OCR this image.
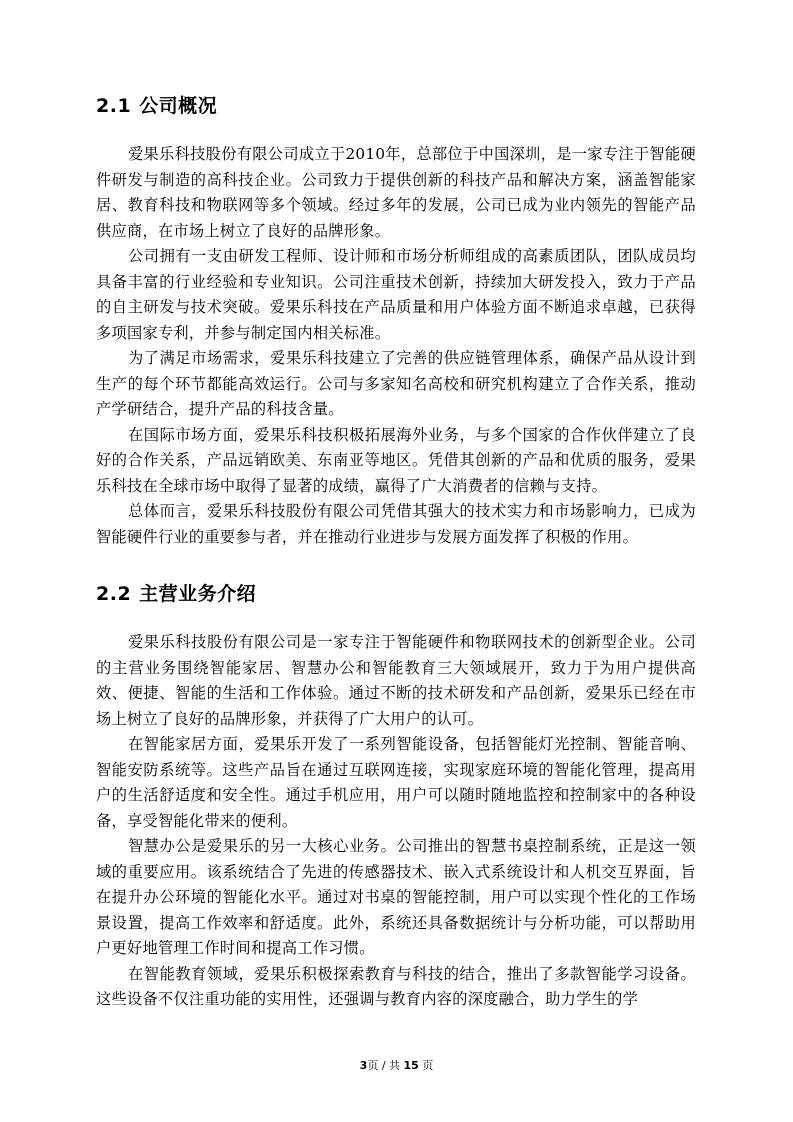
2.1 公司概况

爱果乐科技股份有限公司成立于2010年，总部位于中国深圳，是一家专注于智能硬件研发与制造的高科技企业。公司致力于提供创新的科技产品和解决方案，涵盖智能家居、教育科技和物联网等多个领域。经过多年的发展，公司已成为业内领先的智能产品供应商，在市场上树立了良好的品牌形象。

公司拥有一支由研发工程师、设计师和市场分析师组成的高素质团队，团队成员均具备丰富的行业经验和专业知识。公司注重技术创新，持续加大研发投入，致力于产品的自主研发与技术突破。爱果乐科技在产品质量和用户体验方面不断追求卓越，已获得多项国家专利，并参与制定国内相关标准。

为了满足市场需求，爱果乐科技建立了完善的供应链管理体系，确保产品从设计到生产的每个环节都能高效运行。公司与多家知名高校和研究机构建立了合作关系，推动产学研结合，提升产品的科技含量。

在国际市场方面，爱果乐科技积极拓展海外业务，与多个国家的合作伙伴建立了良好的合作关系，产品远销欧美、东南亚等地区。凭借其创新的产品和优质的服务，爱果乐科技在全球市场中取得了显著的成绩，赢得了广大消费者的信赖与支持。

总体而言，爱果乐科技股份有限公司凭借其强大的技术实力和市场影响力，已成为智能硬件行业的重要参与者，并在推动行业进步与发展方面发挥了积极的作用。

2.2 主营业务介绍

爱果乐科技股份有限公司是一家专注于智能硬件和物联网技术的创新型企业。公司的主营业务围绕智能家居、智慧办公和智能教育三大领域展开，致力于为用户提供高效、便捷、智能的生活和工作体验。通过不断的技术研发和产品创新，爱果乐已经在市场上树立了良好的品牌形象，并获得了广大用户的认可。

在智能家居方面，爱果乐开发了一系列智能设备，包括智能灯光控制、智能音响、智能安防系统等。这些产品旨在通过互联网连接，实现家庭环境的智能化管理，提高用户的生活舒适度和安全性。通过手机应用，用户可以随时随地监控和控制家中的各种设备，享受智能化带来的便利。

智慧办公是爱果乐的另一大核心业务。公司推出的智慧书桌控制系统，正是这一领域的重要应用。该系统结合了先进的传感器技术、嵌入式系统设计和人机交互界面，旨在提升办公环境的智能化水平。通过对书桌的智能控制，用户可以实现个性化的工作场景设置，提高工作效率和舒适度。此外，系统还具备数据统计与分析功能，可以帮助用户更好地管理工作时间和提高工作习惯。

在智能教育领域，爱果乐积极探索教育与科技的结合，推出了多款智能学习设备。这些设备不仅注重功能的实用性，还强调与教育内容的深度融合，助力学生的学

3页 / 共 15 页
